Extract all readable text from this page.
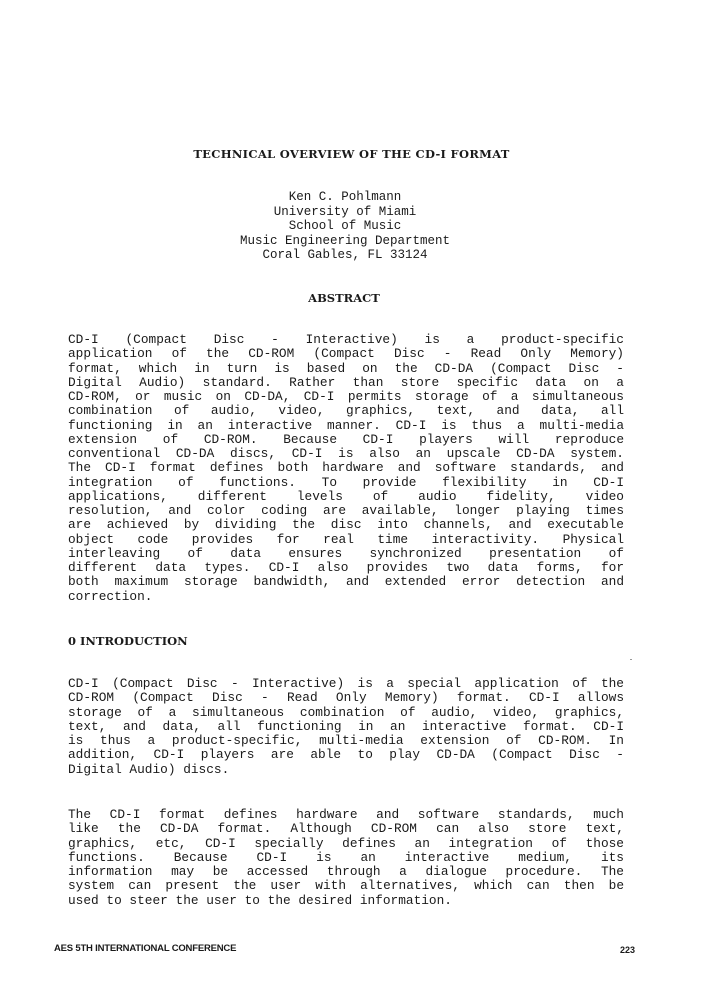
TECHNICAL OVERVIEW OF THE CD-I FORMAT
Ken C. Pohlmann
University of Miami
School of Music
Music Engineering Department
Coral Gables, FL 33124
ABSTRACT
CD-I (Compact Disc - Interactive) is a product-specific
application of the CD-ROM (Compact Disc - Read Only Memory)
format, which in turn is based on the CD-DA (Compact Disc -
Digital Audio) standard. Rather than store specific data on a
CD-ROM, or music on CD-DA, CD-I permits storage of a simultaneous
combination of audio, video, graphics, text, and data, all
functioning in an interactive manner. CD-I is thus a multi-media
extension of CD-ROM. Because CD-I players will reproduce
conventional CD-DA discs, CD-I is also an upscale CD-DA system.
The CD-I format defines both hardware and software standards, and
integration of functions. To provide flexibility in CD-I
applications, different levels of audio fidelity, video
resolution, and color coding are available, longer playing times
are achieved by dividing the disc into channels, and executable
object code provides for real time interactivity. Physical
interleaving of data ensures synchronized presentation of
different data types. CD-I also provides two data forms, for
both maximum storage bandwidth, and extended error detection and
correction.
0 INTRODUCTION
CD-I (Compact Disc - Interactive) is a special application of the
CD-ROM (Compact Disc - Read Only Memory) format. CD-I allows
storage of a simultaneous combination of audio, video, graphics,
text, and data, all functioning in an interactive format. CD-I
is thus a product-specific, multi-media extension of CD-ROM. In
addition, CD-I players are able to play CD-DA (Compact Disc -
Digital Audio) discs.
The CD-I format defines hardware and software standards, much
like the CD-DA format. Although CD-ROM can also store text,
graphics, etc, CD-I specially defines an integration of those
functions. Because CD-I is an interactive medium, its
information may be accessed through a dialogue procedure. The
system can present the user with alternatives, which can then be
used to steer the user to the desired information.
AES 5TH INTERNATIONAL CONFERENCE	223
